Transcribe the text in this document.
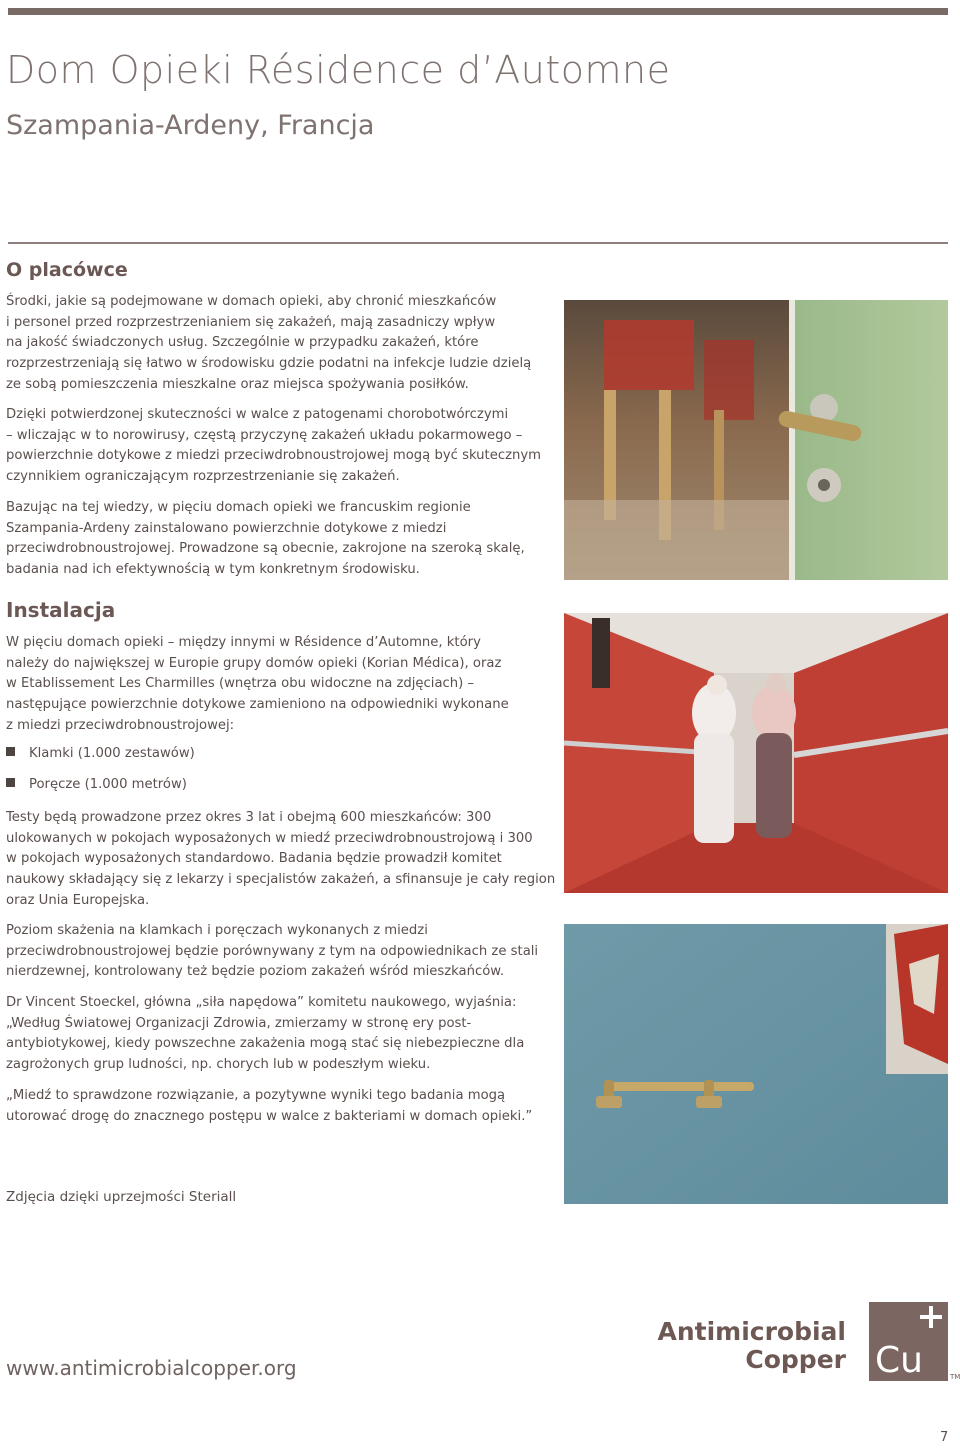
Dom Opieki Résidence d’Automne
Szampania-Ardeny, Francja
O placówce
Środki, jakie są podejmowane w domach opieki, aby chronić mieszkańców
i personel przed rozprzestrzenianiem się zakażeń, mają zasadniczy wpływ
na jakość świadczonych usług. Szczególnie w przypadku zakażeń, które
rozprzestrzeniają się łatwo w środowisku gdzie podatni na infekcje ludzie dzielą
ze sobą pomieszczenia mieszkalne oraz miejsca spożywania posiłków.
Dzięki potwierdzonej skuteczności w walce z patogenami chorobotwórczymi
– wliczając w to norowirusy, częstą przyczynę zakażeń układu pokarmowego –
powierzchnie dotykowe z miedzi przeciwdrobnoustrojowej mogą być skutecznym
czynnikiem ograniczającym rozprzestrzenianie się zakażeń.
Bazując na tej wiedzy, w pięciu domach opieki we francuskim regionie
Szampania-Ardeny zainstalowano powierzchnie dotykowe z miedzi
przeciwdrobnoustrojowej. Prowadzone są obecnie, zakrojone na szeroką skalę,
badania nad ich efektywnością w tym konkretnym środowisku.
Instalacja
W pięciu domach opieki – między innymi w Résidence d’Automne, który
należy do największej w Europie grupy domów opieki (Korian Médica), oraz
w Etablissement Les Charmilles (wnętrza obu widoczne na zdjęciach) –
następujące powierzchnie dotykowe zamieniono na odpowiedniki wykonane
z miedzi przeciwdrobnoustrojowej:
Klamki (1.000 zestawów)
Poręcze (1.000 metrów)
Testy będą prowadzone przez okres 3 lat i obejmą 600 mieszkańców: 300
ulokowanych w pokojach wyposażonych w miedź przeciwdrobnoustrojową i 300
w pokojach wyposażonych standardowo. Badania będzie prowadził komitet
naukowy składający się z lekarzy i specjalistów zakażeń, a sfinansuje je cały region
oraz Unia Europejska.
Poziom skażenia na klamkach i poręczach wykonanych z miedzi
przeciwdrobnoustrojowej będzie porównywany z tym na odpowiednikach ze stali
nierdzewnej, kontrolowany też będzie poziom zakażeń wśród mieszkańców.
Dr Vincent Stoeckel, główna „siła napędowa” komitetu naukowego, wyjaśnia:
„Według Światowej Organizacji Zdrowia, zmierzamy w stronę ery post-
antybiotykowej, kiedy powszechne zakażenia mogą stać się niebezpieczne dla
zagrożonych grup ludności, np. chorych lub w podeszłym wieku.
„Miedź to sprawdzone rozwiązanie, a pozytywne wyniki tego badania mogą
utorować drogę do znacznego postępu w walce z bakteriami w domach opieki.”
Zdjęcia dzięki uprzejmości Steriall
www.antimicrobialcopper.org
Antimicrobial
Copper Cu	TM
7
